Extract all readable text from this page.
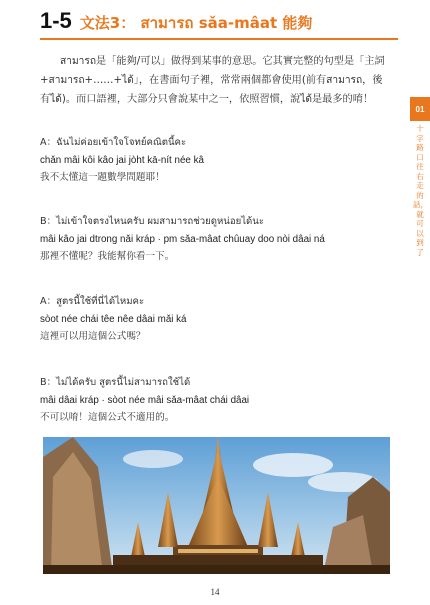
1-5 文法3： สามารถ sǎa-mâat 能夠
สามารถ是「能夠/可以」做得到某事的意思。它其實完整的句型是「主詞+สามารถ+……+ได้」，在書面句子裡，常常兩個都會使用(前有สามารถ，後有ได้)。而口語裡，大部分只會說某中之一，依照習慣，說ได้是最多的唷！
A：ฉันไม่ค่อยเข้าใจโจทย์คณิตนี้คะ
chǎn mâi kôi kâo jai jòht kā-nít née kâ
我不太懂這一題數學問題耶！
B：ไม่เข้าใจตรงไหนครับ ผมสามารถช่วยดูหน่อยได้นะ
mâi kâo jai dtrong nǎi kráp · pm sǎa-mâat chûuay doo nòi dâai ná
那裡不懂呢？我能幫你看一下。
A：สูตรนี้ใช้ที่นี่ได้ไหมคะ
sòot née chái têe nêe dâai mǎi ká
這裡可以用這個公式嗎？
B：ไม่ได้ครับ สูตรนี้ไม่สามารถใช้ได้
mâi dâai kráp · sòot née mâi sǎa-mâat chái dâai
不可以唷！這個公式不適用的。
01
十字路口往右走的話，就可以到了
14
